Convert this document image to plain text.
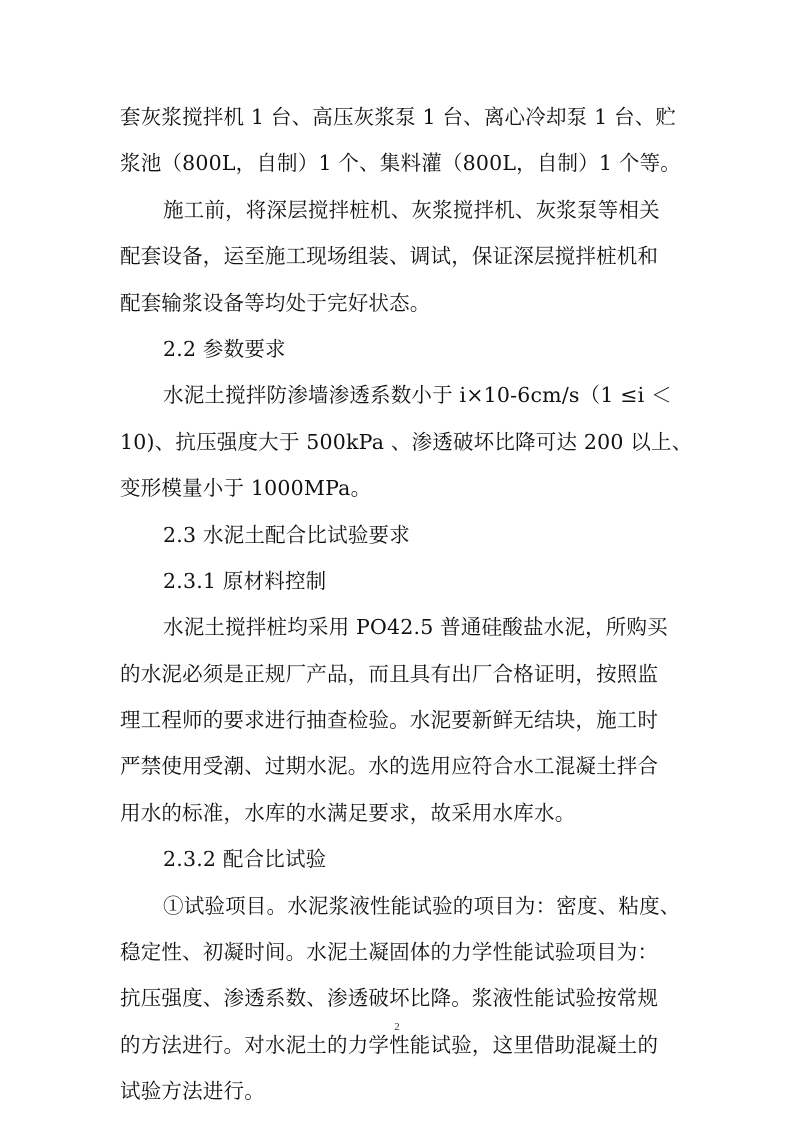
套灰浆搅拌机 1 台、高压灰浆泵 1 台、离心冷却泵 1 台、贮
浆池（800L，自制）1 个、集料灌（800L，自制）1 个等。
施工前，将深层搅拌桩机、灰浆搅拌机、灰浆泵等相关
配套设备，运至施工现场组装、调试，保证深层搅拌桩机和
配套输浆设备等均处于完好状态。
2.2 参数要求
水泥土搅拌防渗墙渗透系数小于 i×10-6cm/s（1 ≤i ＜
10)、抗压强度大于 500kPa 、渗透破坏比降可达 200 以上、
变形模量小于 1000MPa。
2.3 水泥土配合比试验要求
2.3.1 原材料控制
水泥土搅拌桩均采用 PO42.5 普通硅酸盐水泥，所购买
的水泥必须是正规厂产品，而且具有出厂合格证明，按照监
理工程师的要求进行抽查检验。水泥要新鲜无结块，施工时
严禁使用受潮、过期水泥。水的选用应符合水工混凝土拌合
用水的标准，水库的水满足要求，故采用水库水。
2.3.2 配合比试验
①试验项目。水泥浆液性能试验的项目为：密度、粘度、
稳定性、初凝时间。水泥土凝固体的力学性能试验项目为：
抗压强度、渗透系数、渗透破坏比降。浆液性能试验按常规
的方法进行。对水泥土的力学性能试验，这里借助混凝土的
试验方法进行。
2
